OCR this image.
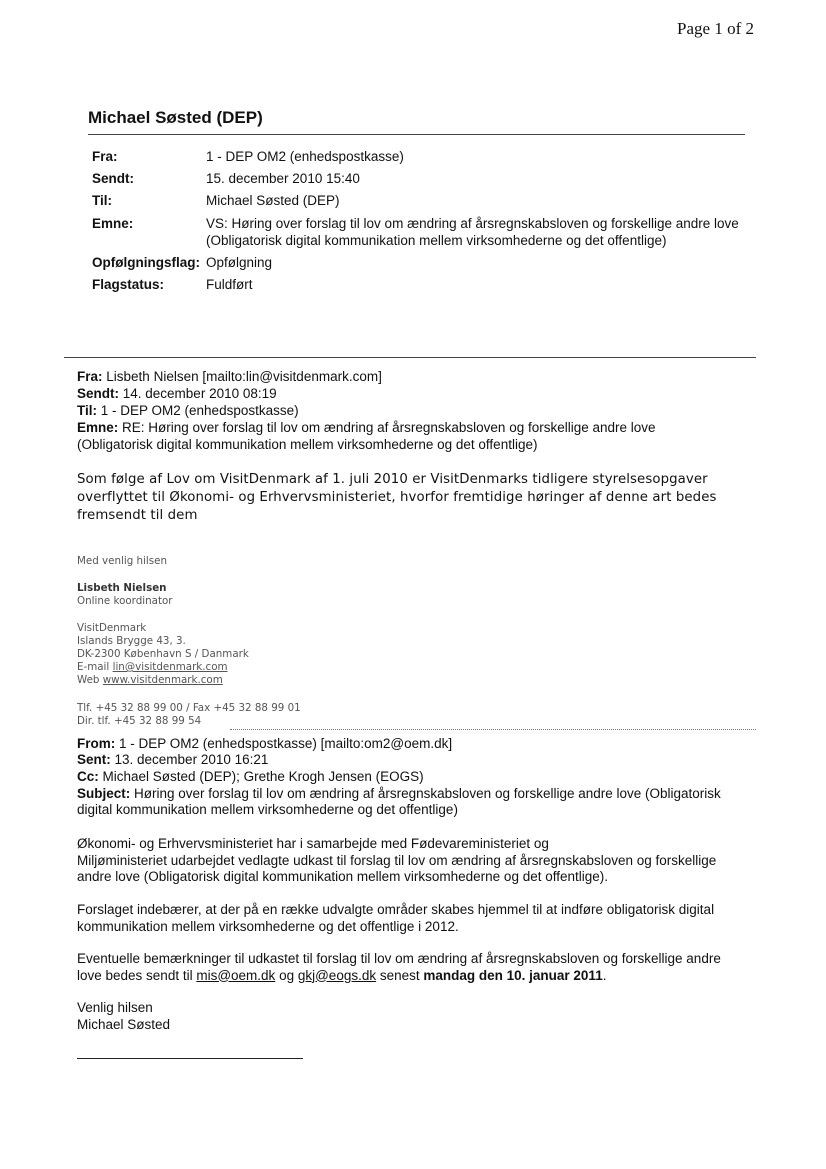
Page 1 of 2
Michael Søsted (DEP)
Fra:	1 - DEP OM2 (enhedspostkasse)
Sendt:	15. december 2010 15:40
Til:	Michael Søsted (DEP)
Emne:	VS: Høring over forslag til lov om ændring af årsregnskabsloven og forskellige andre love (Obligatorisk digital kommunikation mellem virksomhederne og det offentlige)
Opfølgningsflag: Opfølgning
Flagstatus:	Fuldført
Fra: Lisbeth Nielsen [mailto:lin@visitdenmark.com]
Sendt: 14. december 2010 08:19
Til: 1 - DEP OM2 (enhedspostkasse)
Emne: RE: Høring over forslag til lov om ændring af årsregnskabsloven og forskellige andre love
(Obligatorisk digital kommunikation mellem virksomhederne og det offentlige)
Som følge af Lov om VisitDenmark af 1. juli 2010 er VisitDenmarks tidligere styrelsesopgaver
overflyttet til Økonomi- og Erhvervsministeriet, hvorfor fremtidige høringer af denne art bedes
fremsendt til dem
Med venlig hilsen
Lisbeth Nielsen
Online koordinator
VisitDenmark
Islands Brygge 43, 3.
DK-2300 København S / Danmark
E-mail lin@visitdenmark.com
Web www.visitdenmark.com
Tlf. +45 32 88 99 00 / Fax +45 32 88 99 01
Dir. tlf. +45 32 88 99 54
From: 1 - DEP OM2 (enhedspostkasse) [mailto:om2@oem.dk]
Sent: 13. december 2010 16:21
Cc: Michael Søsted (DEP); Grethe Krogh Jensen (EOGS)
Subject: Høring over forslag til lov om ændring af årsregnskabsloven og forskellige andre love (Obligatorisk
digital kommunikation mellem virksomhederne og det offentlige)
Økonomi- og Erhvervsministeriet har i samarbejde med Fødevareministeriet og
Miljøministeriet udarbejdet vedlagte udkast til forslag til lov om ændring af årsregnskabsloven og forskellige
andre love (Obligatorisk digital kommunikation mellem virksomhederne og det offentlige).
Forslaget indebærer, at der på en række udvalgte områder skabes hjemmel til at indføre obligatorisk digital
kommunikation mellem virksomhederne og det offentlige i 2012.
Eventuelle bemærkninger til udkastet til forslag til lov om ændring af årsregnskabsloven og forskellige andre
love bedes sendt til mis@oem.dk og gkj@eogs.dk senest mandag den 10. januar 2011.
Venlig hilsen
Michael Søsted
